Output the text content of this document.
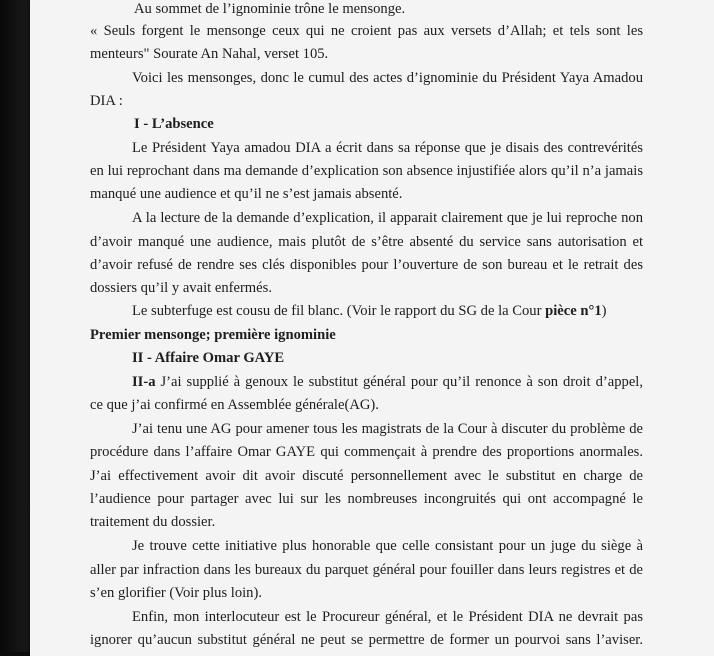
Au sommet de l’ignominie trône le mensonge.
« Seuls forgent le mensonge ceux qui ne croient pas aux versets d’Allah; et tels sont les
menteurs" Sourate An Nahal, verset 105.
Voici les mensonges, donc le cumul des actes d’ignominie du Président Yaya Amadou
DIA :
I - L’absence
Le Président Yaya amadou DIA a écrit dans sa réponse que je disais des contrevérités
en lui reprochant dans ma demande d’explication son absence injustifiée alors qu’il n’a jamais
manqué une audience et qu’il ne s’est jamais absenté.
A la lecture de la demande d’explication, il apparait clairement que je lui reproche non
d’avoir manqué une audience, mais plutôt de s’être absenté du service sans autorisation et
d’avoir refusé de rendre ses clés disponibles pour l’ouverture de son bureau et le retrait des
dossiers qu’il y avait enfermés.
Le subterfuge est cousu de fil blanc. (Voir le rapport du SG de la Cour pièce n°1)
Premier mensonge; première ignominie
II - Affaire Omar GAYE
II-a J’ai supplié à genoux le substitut général pour qu’il renonce à son droit d’appel,
ce que j’ai confirmé en Assemblée générale(AG).
J’ai tenu une AG pour amener tous les magistrats de la Cour à discuter du problème de
procédure dans l’affaire Omar GAYE qui commençait à prendre des proportions anormales.
J’ai effectivement avoir dit avoir discuté personnellement avec le substitut en charge de
l’audience pour partager avec lui sur les nombreuses incongruités qui ont accompagné le
traitement du dossier.
Je trouve cette initiative plus honorable que celle consistant pour un juge du siège à
aller par infraction dans les bureaux du parquet général pour fouiller dans leurs registres et de
s’en glorifier (Voir plus loin).
Enfin, mon interlocuteur est le Procureur général, et le Président DIA ne devrait pas
ignorer qu’aucun substitut général ne peut se permettre de former un pourvoi sans l’aviser.
